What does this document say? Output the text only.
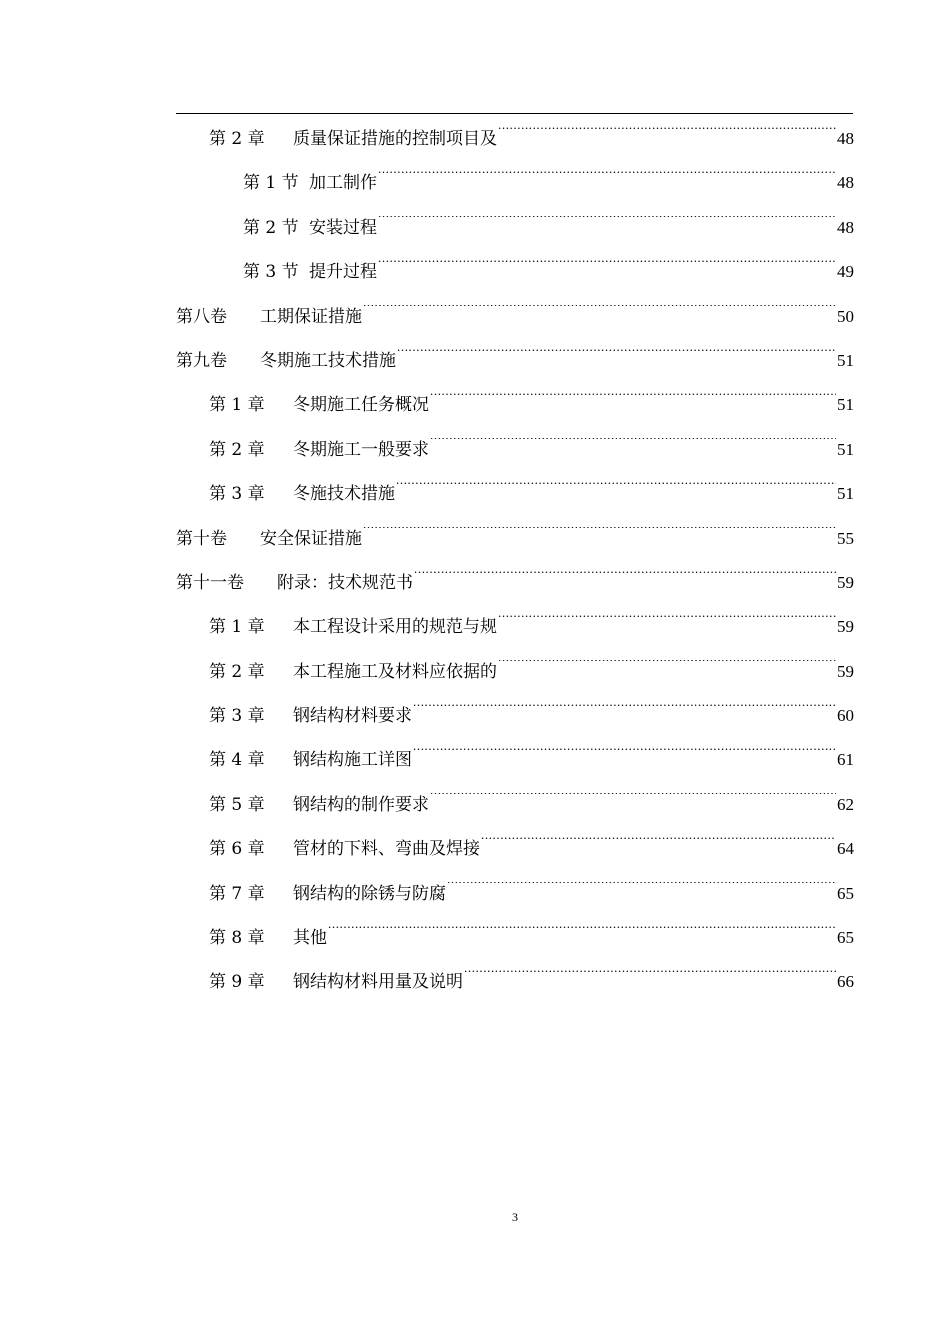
第 2 章	质量保证措施的控制项目及 .....	48
第 1 节 加工制作 .....	48
第 2 节 安装过程 .....	48
第 3 节 提升过程 .....	49
第八卷	工期保证措施 .....	50
第九卷	冬期施工技术措施 .....	51
第 1 章	冬期施工任务概况 .....	51
第 2 章	冬期施工一般要求 .....	51
第 3 章	冬施技术措施 .....	51
第十卷	安全保证措施 .....	55
第十一卷	附录：技术规范书 .....	59
第 1 章	本工程设计采用的规范与规 .....	59
第 2 章	本工程施工及材料应依据的 .....	59
第 3 章	钢结构材料要求 .....	60
第 4 章	钢结构施工详图 .....	61
第 5 章	钢结构的制作要求 .....	62
第 6 章	管材的下料、弯曲及焊接 .....	64
第 7 章	钢结构的除锈与防腐 .....	65
第 8 章	其他 .....	65
第 9 章	钢结构材料用量及说明 .....	66
3
